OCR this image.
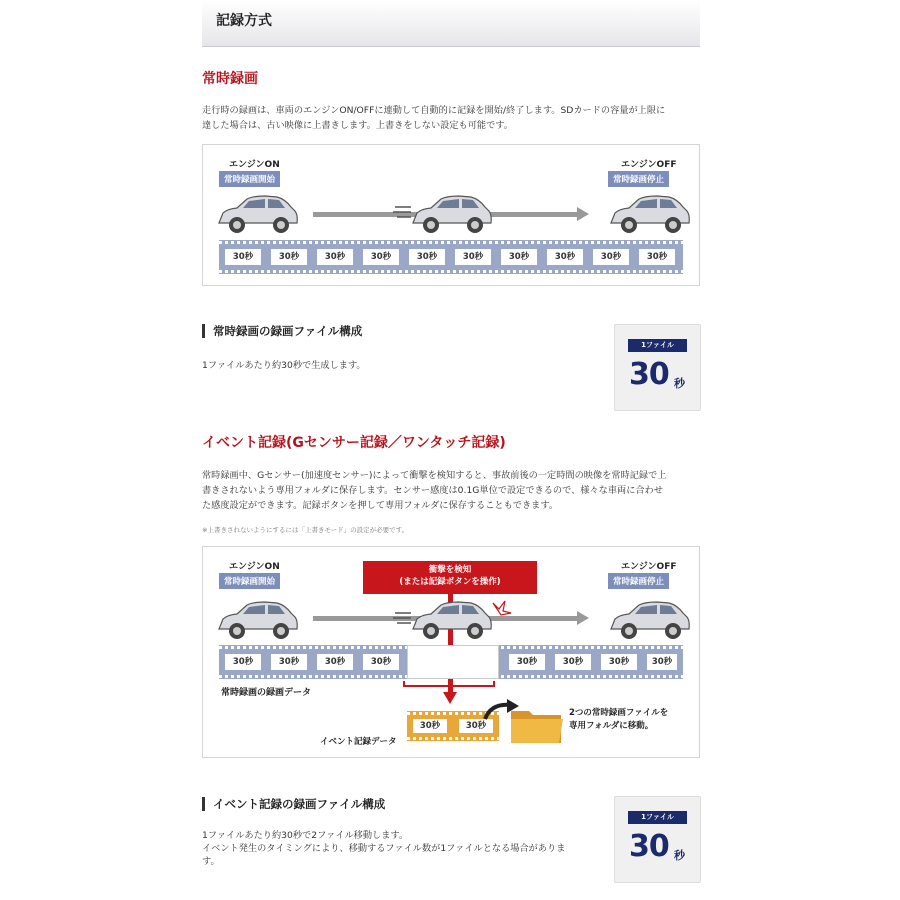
記録方式
常時録画
走行時の録画は、車両のエンジンON/OFFに連動して自動的に記録を開始/終了します。SDカードの容量が上限に
達した場合は、古い映像に上書きします。上書きをしない設定も可能です。
エンジンON
常時録画開始
エンジンOFF
常時録画停止
30秒	30秒	30秒	30秒	30秒	30秒	30秒	30秒	30秒	30秒
常時録画の録画ファイル構成
1ファイルあたり約30秒で生成します。
1ファイル
30 秒
イベント記録(Gセンサー記録／ワンタッチ記録)
常時録画中、Gセンサー(加速度センサー)によって衝撃を検知すると、事故前後の一定時間の映像を常時記録で上
書きされないよう専用フォルダに保存します。センサー感度は0.1G単位で設定できるので、様々な車両に合わせ
た感度設定ができます。記録ボタンを押して専用フォルダに保存することもできます。
※上書きされないようにするには「上書きモード」の設定が必要です。
エンジンON
常時録画開始
エンジンOFF
常時録画停止
衝撃を検知
(または記録ボタンを操作)
30秒	30秒	30秒	30秒	30秒	30秒	30秒	30秒
常時録画の録画データ
イベント記録データ
30秒	30秒
2つの常時録画ファイルを
専用フォルダに移動。
イベント記録の録画ファイル構成
1ファイルあたり約30秒で2ファイル移動します。
イベント発生のタイミングにより、移動するファイル数が1ファイルとなる場合がありま
す。
1ファイル
30 秒
